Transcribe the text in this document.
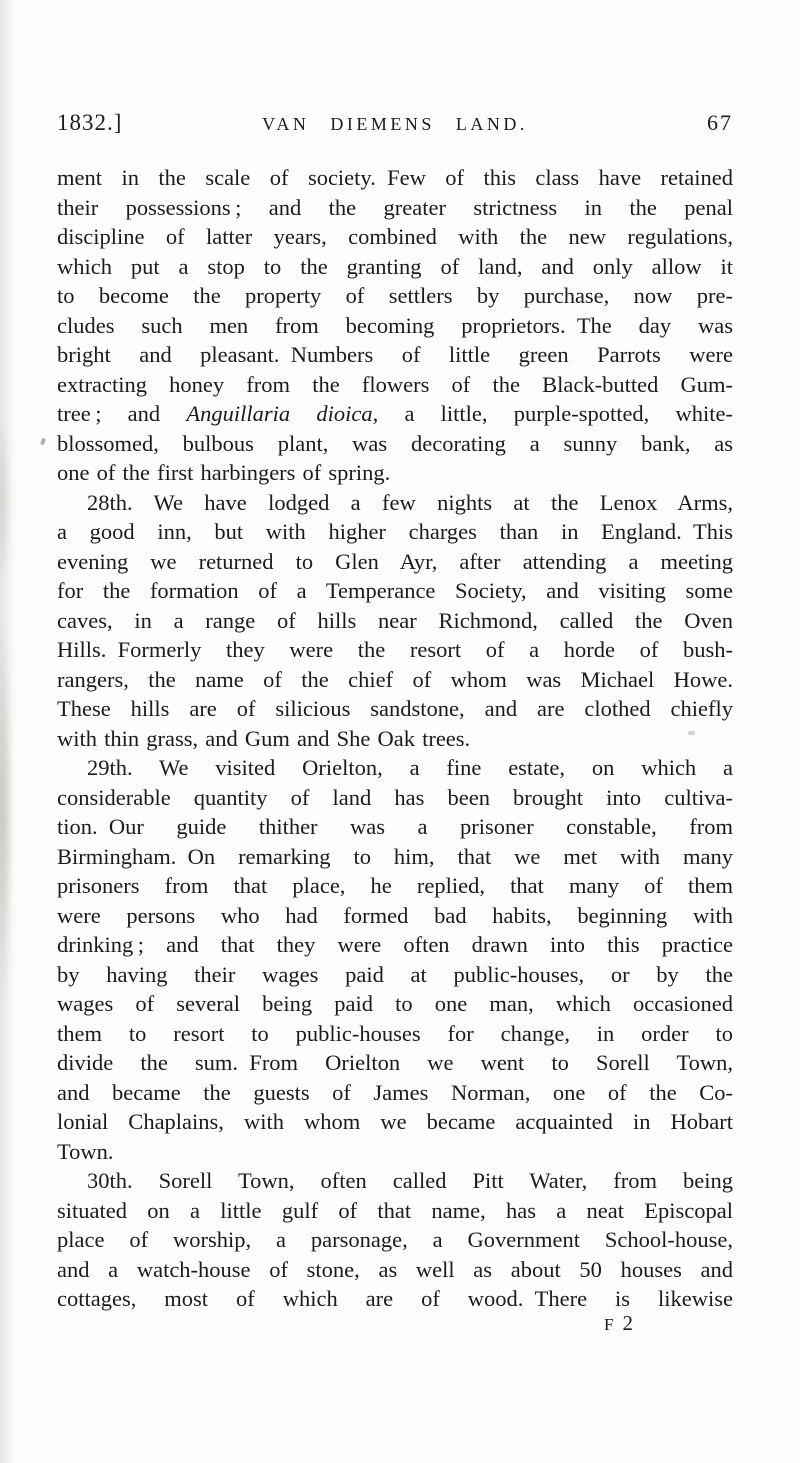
1832.]	VAN DIEMENS LAND.	67
ment in the scale of society. Few of this class have retained
their possessions ; and the greater strictness in the penal
discipline of latter years, combined with the new regulations,
which put a stop to the granting of land, and only allow it
to become the property of settlers by purchase, now pre-
cludes such men from becoming proprietors. The day was
bright and pleasant. Numbers of little green Parrots were
extracting honey from the flowers of the Black-butted Gum-
tree ; and Anguillaria dioica, a little, purple-spotted, white-
blossomed, bulbous plant, was decorating a sunny bank, as
one of the first harbingers of spring.
28th. We have lodged a few nights at the Lenox Arms,
a good inn, but with higher charges than in England. This
evening we returned to Glen Ayr, after attending a meeting
for the formation of a Temperance Society, and visiting some
caves, in a range of hills near Richmond, called the Oven
Hills. Formerly they were the resort of a horde of bush-
rangers, the name of the chief of whom was Michael Howe.
These hills are of silicious sandstone, and are clothed chiefly
with thin grass, and Gum and She Oak trees.
29th. We visited Orielton, a fine estate, on which a
considerable quantity of land has been brought into cultiva-
tion. Our guide thither was a prisoner constable, from
Birmingham. On remarking to him, that we met with many
prisoners from that place, he replied, that many of them
were persons who had formed bad habits, beginning with
drinking ; and that they were often drawn into this practice
by having their wages paid at public-houses, or by the
wages of several being paid to one man, which occasioned
them to resort to public-houses for change, in order to
divide the sum. From Orielton we went to Sorell Town,
and became the guests of James Norman, one of the Co-
lonial Chaplains, with whom we became acquainted in Hobart
Town.
30th. Sorell Town, often called Pitt Water, from being
situated on a little gulf of that name, has a neat Episcopal
place of worship, a parsonage, a Government School-house,
and a watch-house of stone, as well as about 50 houses and
cottages, most of which are of wood. There is likewise
F 2
